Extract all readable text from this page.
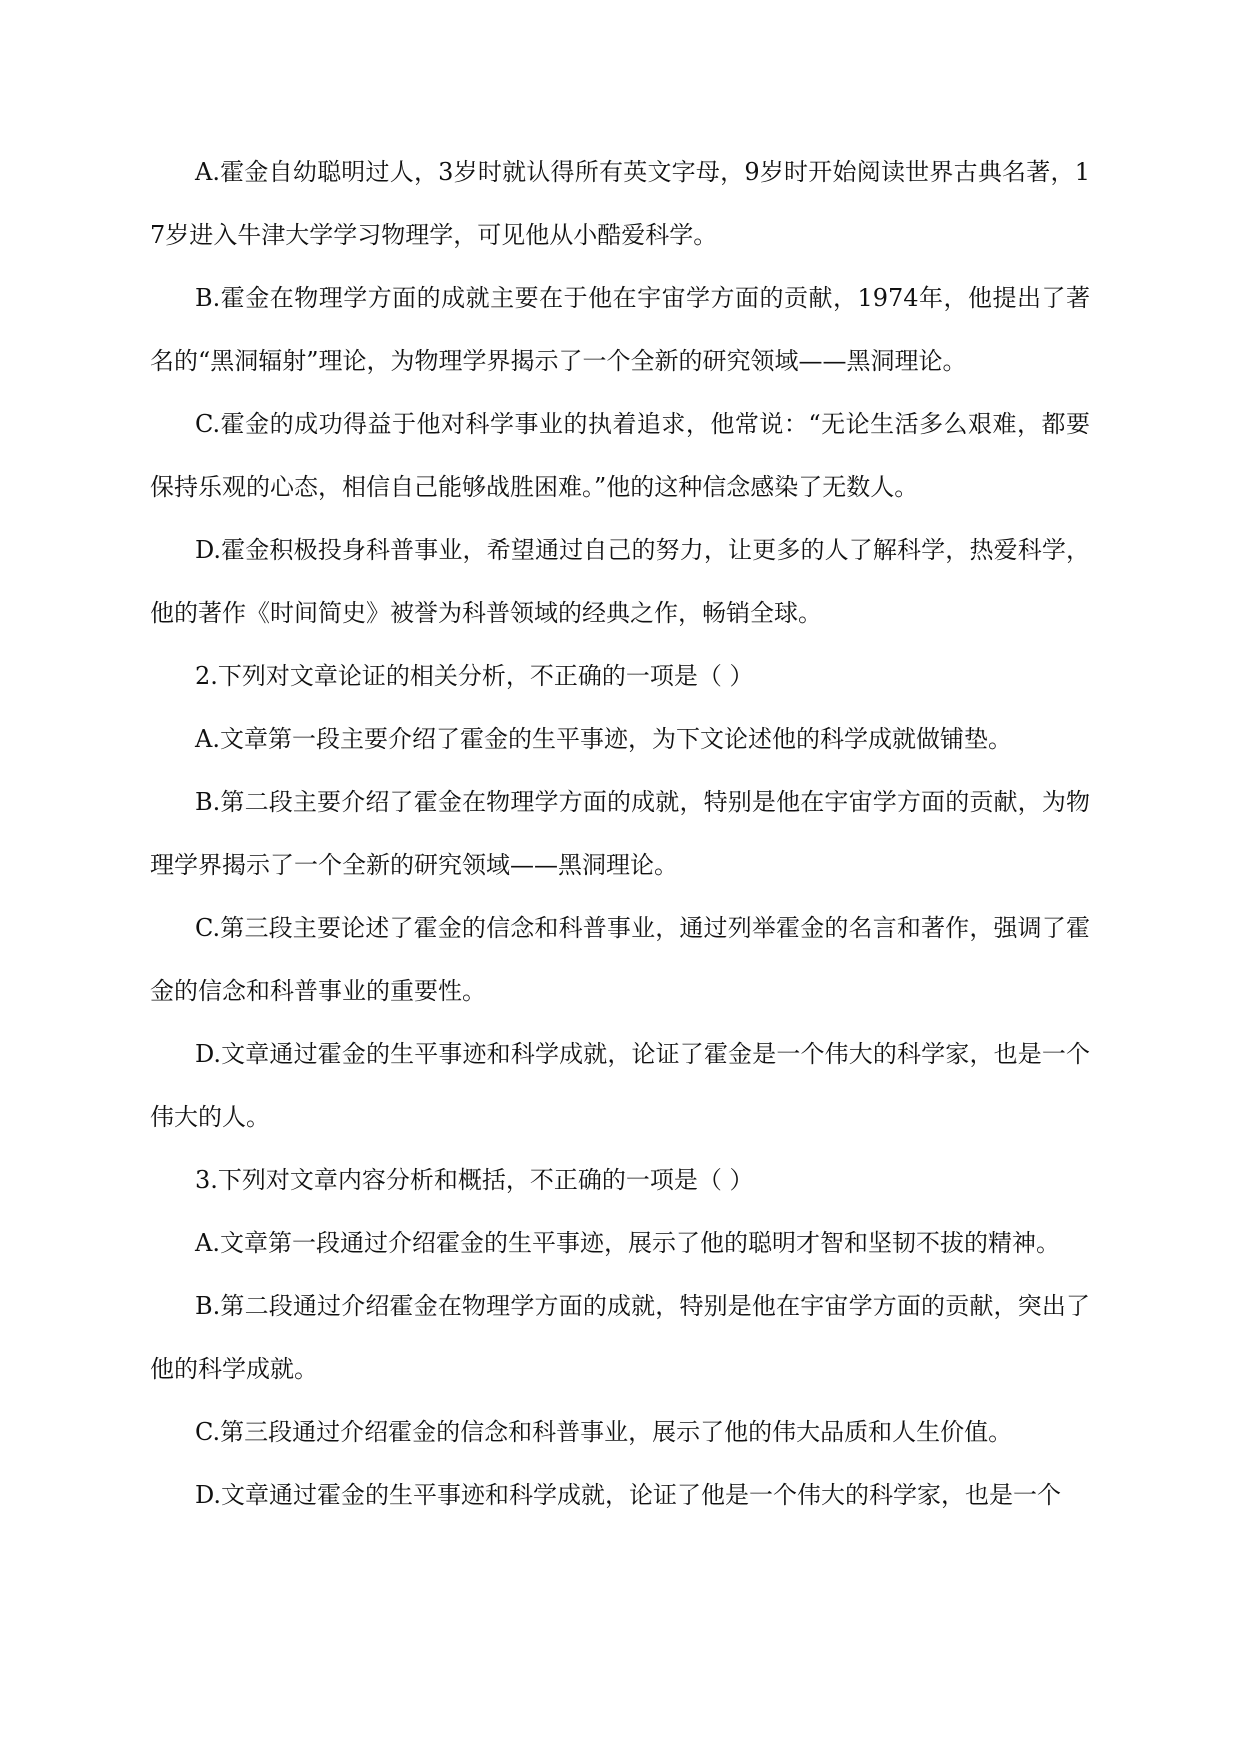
A.霍金自幼聪明过人，3岁时就认得所有英文字母，9岁时开始阅读世界古典名著，17岁进入牛津大学学习物理学，可见他从小酷爱科学。

B.霍金在物理学方面的成就主要在于他在宇宙学方面的贡献，1974年，他提出了著名的“黑洞辐射”理论，为物理学界揭示了一个全新的研究领域——黑洞理论。

C.霍金的成功得益于他对科学事业的执着追求，他常说：“无论生活多么艰难，都要保持乐观的心态，相信自己能够战胜困难。”他的这种信念感染了无数人。

D.霍金积极投身科普事业，希望通过自己的努力，让更多的人了解科学，热爱科学，他的著作《时间简史》被誉为科普领域的经典之作，畅销全球。

2.下列对文章论证的相关分析，不正确的一项是（ ）

A.文章第一段主要介绍了霍金的生平事迹，为下文论述他的科学成就做铺垫。

B.第二段主要介绍了霍金在物理学方面的成就，特别是他在宇宙学方面的贡献，为物理学界揭示了一个全新的研究领域——黑洞理论。

C.第三段主要论述了霍金的信念和科普事业，通过列举霍金的名言和著作，强调了霍金的信念和科普事业的重要性。

D.文章通过霍金的生平事迹和科学成就，论证了霍金是一个伟大的科学家，也是一个伟大的人。

3.下列对文章内容分析和概括，不正确的一项是（ ）

A.文章第一段通过介绍霍金的生平事迹，展示了他的聪明才智和坚韧不拔的精神。

B.第二段通过介绍霍金在物理学方面的成就，特别是他在宇宙学方面的贡献，突出了他的科学成就。

C.第三段通过介绍霍金的信念和科普事业，展示了他的伟大品质和人生价值。

D.文章通过霍金的生平事迹和科学成就，论证了他是一个伟大的科学家，也是一个
